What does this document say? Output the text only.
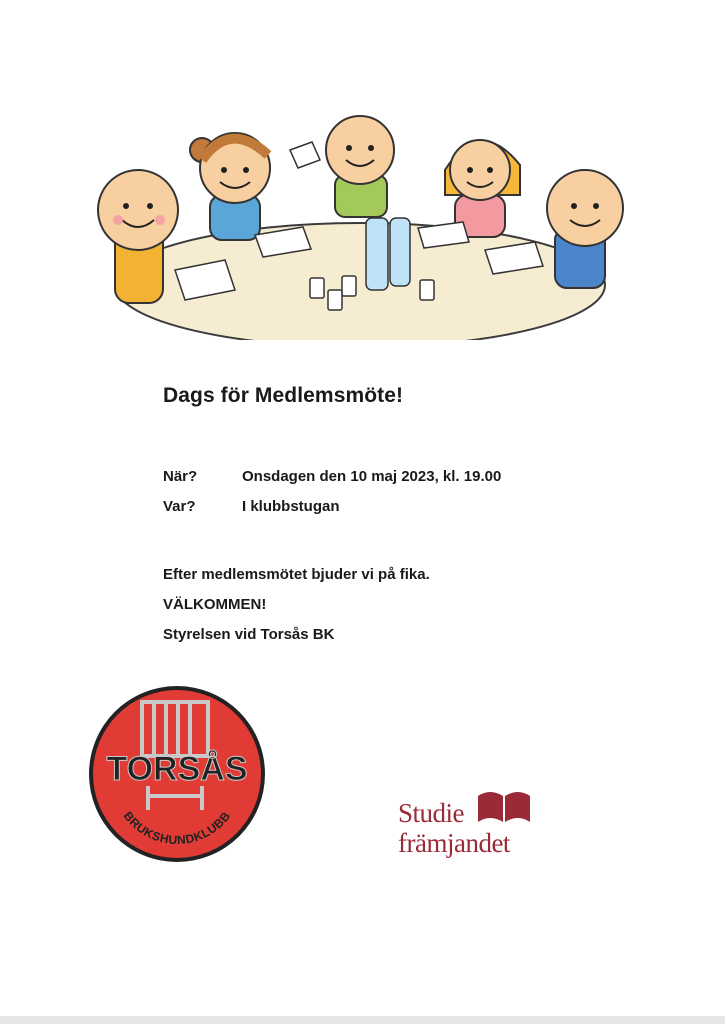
Dags för Medlemsmöte!
När?	Onsdagen den 10 maj 2023, kl. 19.00
Var?	I klubbstugan
Efter medlemsmötet bjuder vi på fika.
VÄLKOMMEN!
Styrelsen vid Torsås BK
TORSÅS
BRUKSHUNDKLUBB	Studie
främjandet
